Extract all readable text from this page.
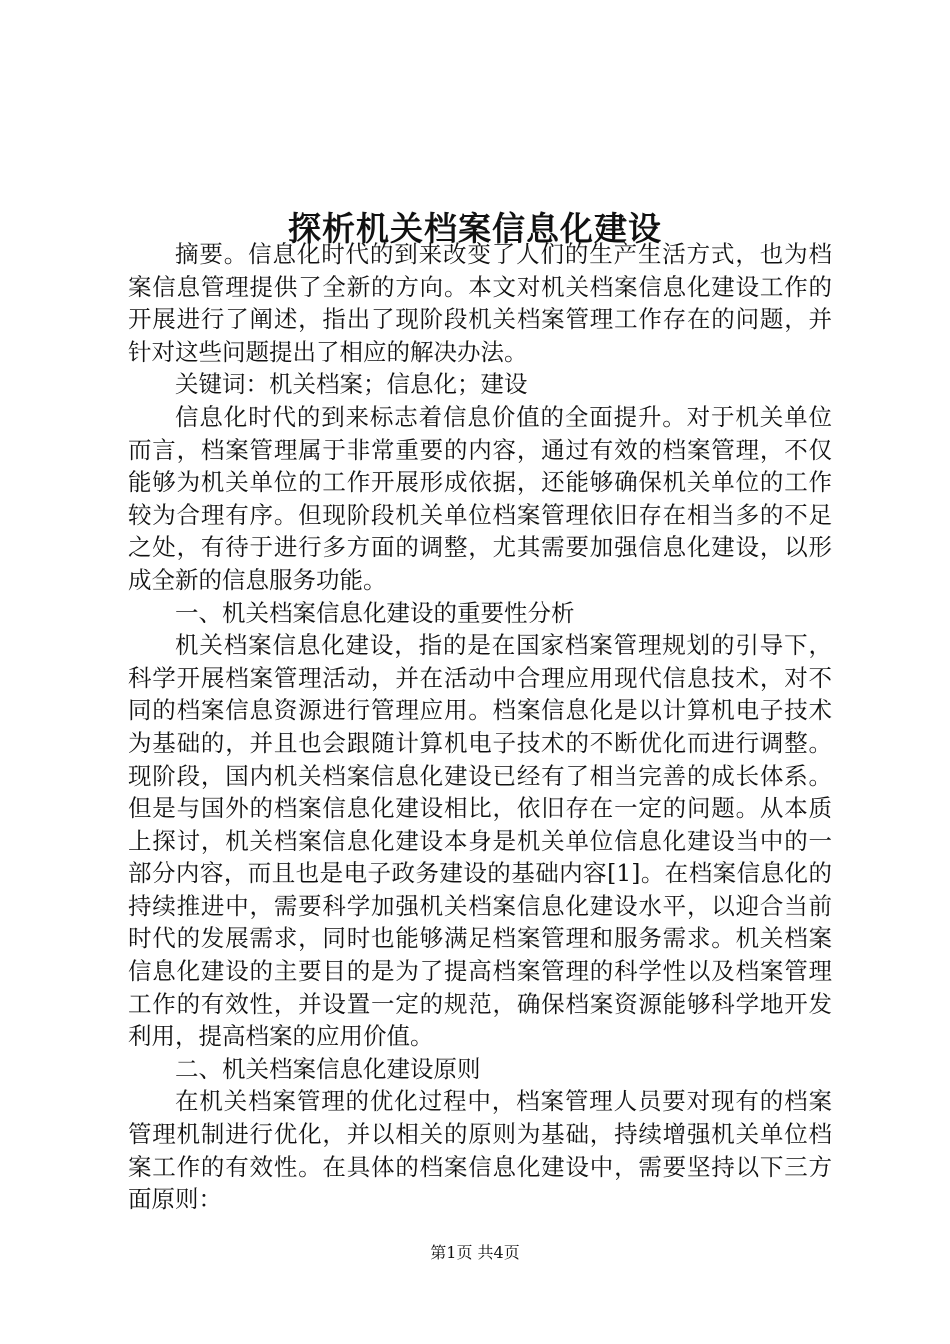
探析机关档案信息化建设

摘要。信息化时代的到来改变了人们的生产生活方式，也为档案信息管理提供了全新的方向。本文对机关档案信息化建设工作的开展进行了阐述，指出了现阶段机关档案管理工作存在的问题，并针对这些问题提出了相应的解决办法。

关键词：机关档案；信息化；建设

信息化时代的到来标志着信息价值的全面提升。对于机关单位而言，档案管理属于非常重要的内容，通过有效的档案管理，不仅能够为机关单位的工作开展形成依据，还能够确保机关单位的工作较为合理有序。但现阶段机关单位档案管理依旧存在相当多的不足之处，有待于进行多方面的调整，尤其需要加强信息化建设，以形成全新的信息服务功能。

一、机关档案信息化建设的重要性分析

机关档案信息化建设，指的是在国家档案管理规划的引导下，科学开展档案管理活动，并在活动中合理应用现代信息技术，对不同的档案信息资源进行管理应用。档案信息化是以计算机电子技术为基础的，并且也会跟随计算机电子技术的不断优化而进行调整。现阶段，国内机关档案信息化建设已经有了相当完善的成长体系。但是与国外的档案信息化建设相比，依旧存在一定的问题。从本质上探讨，机关档案信息化建设本身是机关单位信息化建设当中的一部分内容，而且也是电子政务建设的基础内容[1]。在档案信息化的持续推进中，需要科学加强机关档案信息化建设水平，以迎合当前时代的发展需求，同时也能够满足档案管理和服务需求。机关档案信息化建设的主要目的是为了提高档案管理的科学性以及档案管理工作的有效性，并设置一定的规范，确保档案资源能够科学地开发利用，提高档案的应用价值。

二、机关档案信息化建设原则

在机关档案管理的优化过程中，档案管理人员要对现有的档案管理机制进行优化，并以相关的原则为基础，持续增强机关单位档案工作的有效性。在具体的档案信息化建设中，需要坚持以下三方面原则：

第1页 共4页
